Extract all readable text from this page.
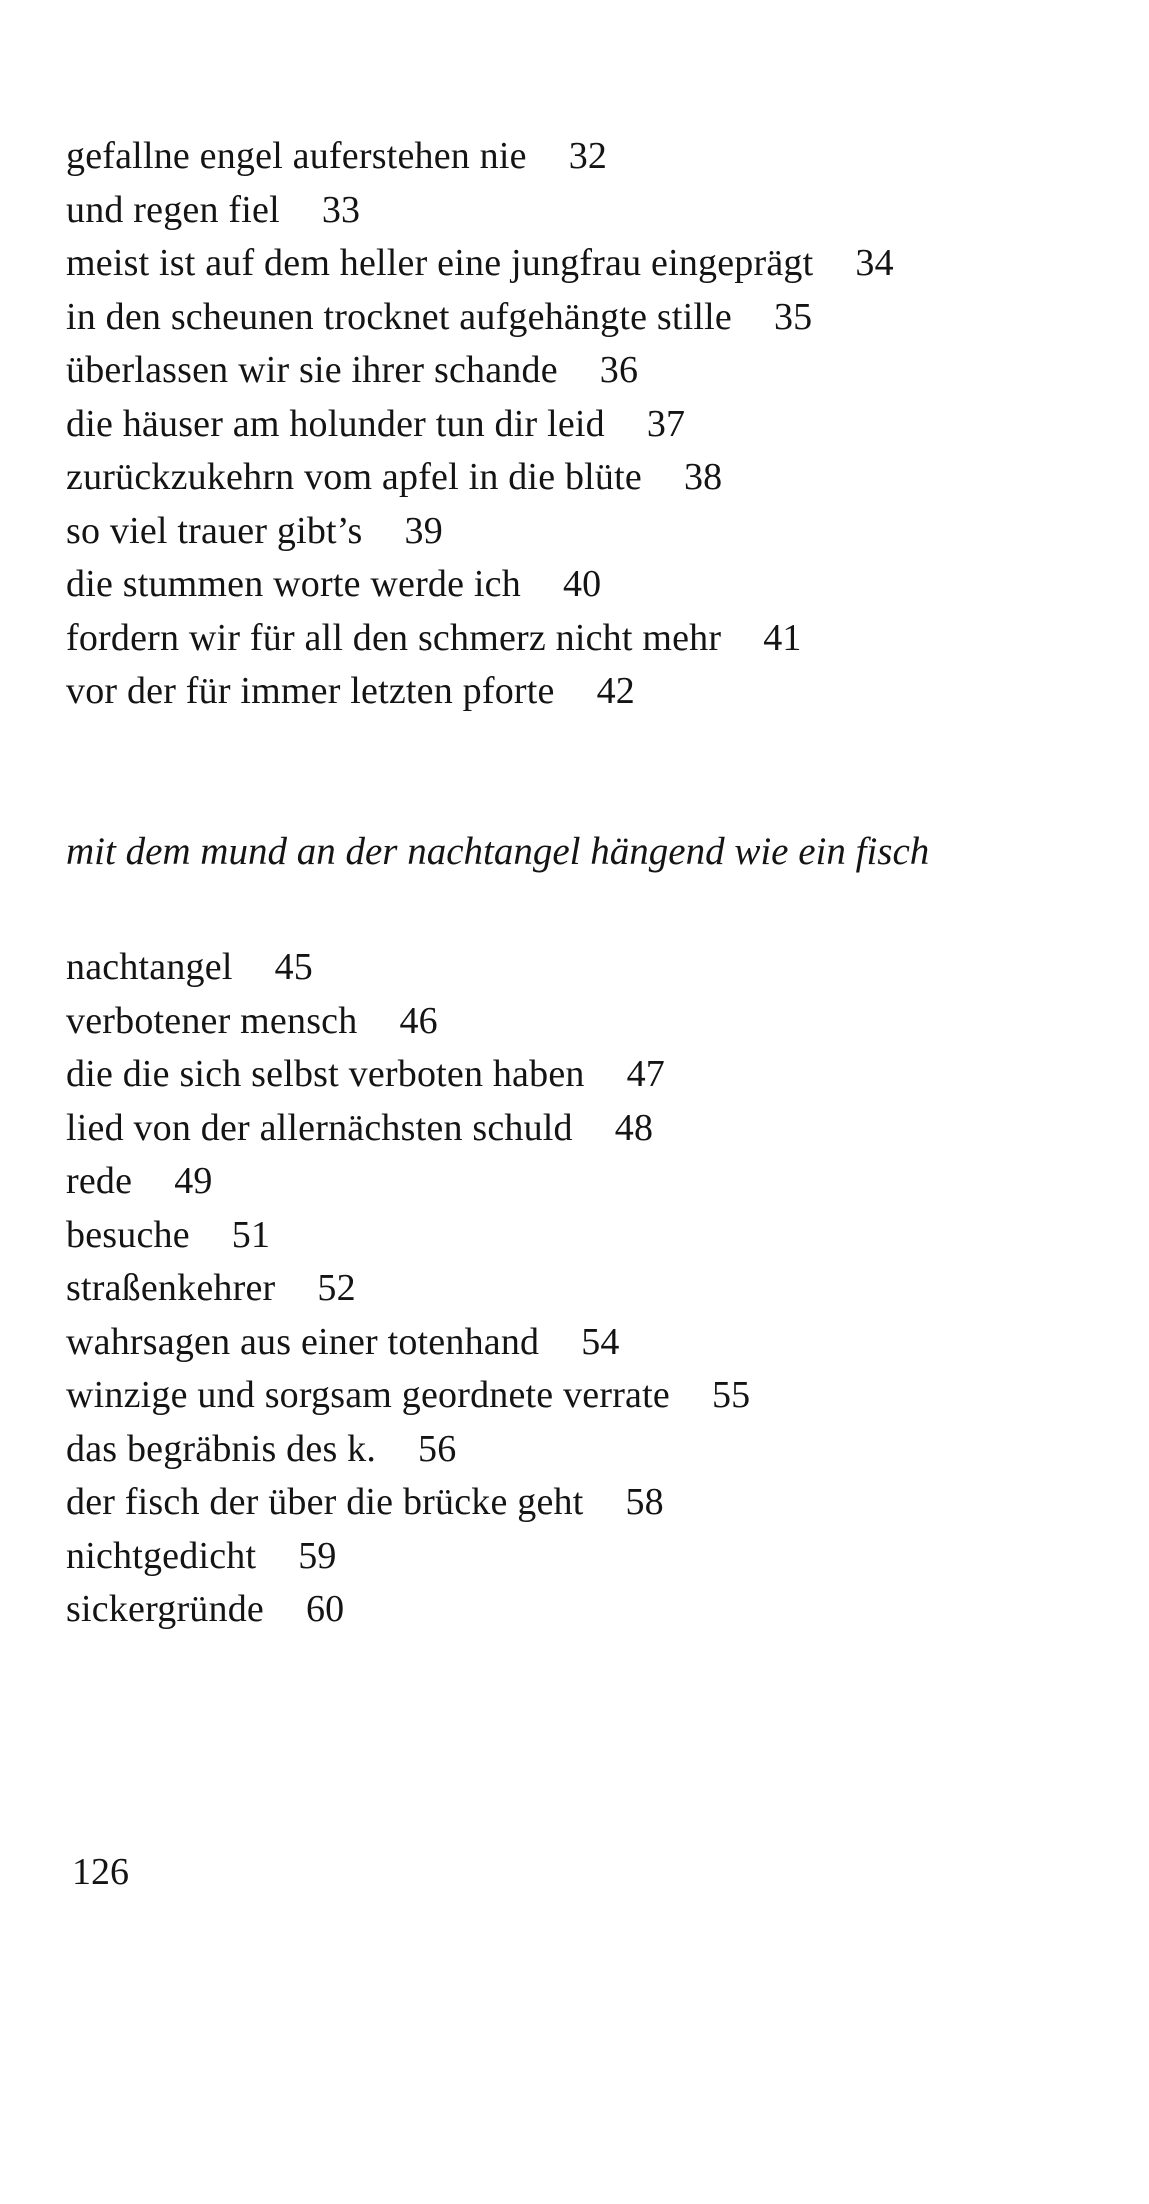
gefallne engel auferstehen nie 32
und regen fiel 33
meist ist auf dem heller eine jungfrau eingeprägt 34
in den scheunen trocknet aufgehängte stille 35
überlassen wir sie ihrer schande 36
die häuser am holunder tun dir leid 37
zurückzukehrn vom apfel in die blüte 38
so viel trauer gibt’s 39
die stummen worte werde ich 40
fordern wir für all den schmerz nicht mehr 41
vor der für immer letzten pforte 42
mit dem mund an der nachtangel hängend wie ein fisch
nachtangel 45
verbotener mensch 46
die die sich selbst verboten haben 47
lied von der allernächsten schuld 48
rede 49
besuche 51
straßenkehrer 52
wahrsagen aus einer totenhand 54
winzige und sorgsam geordnete verrate 55
das begräbnis des k. 56
der fisch der über die brücke geht 58
nichtgedicht 59
sickergründe 60
126
